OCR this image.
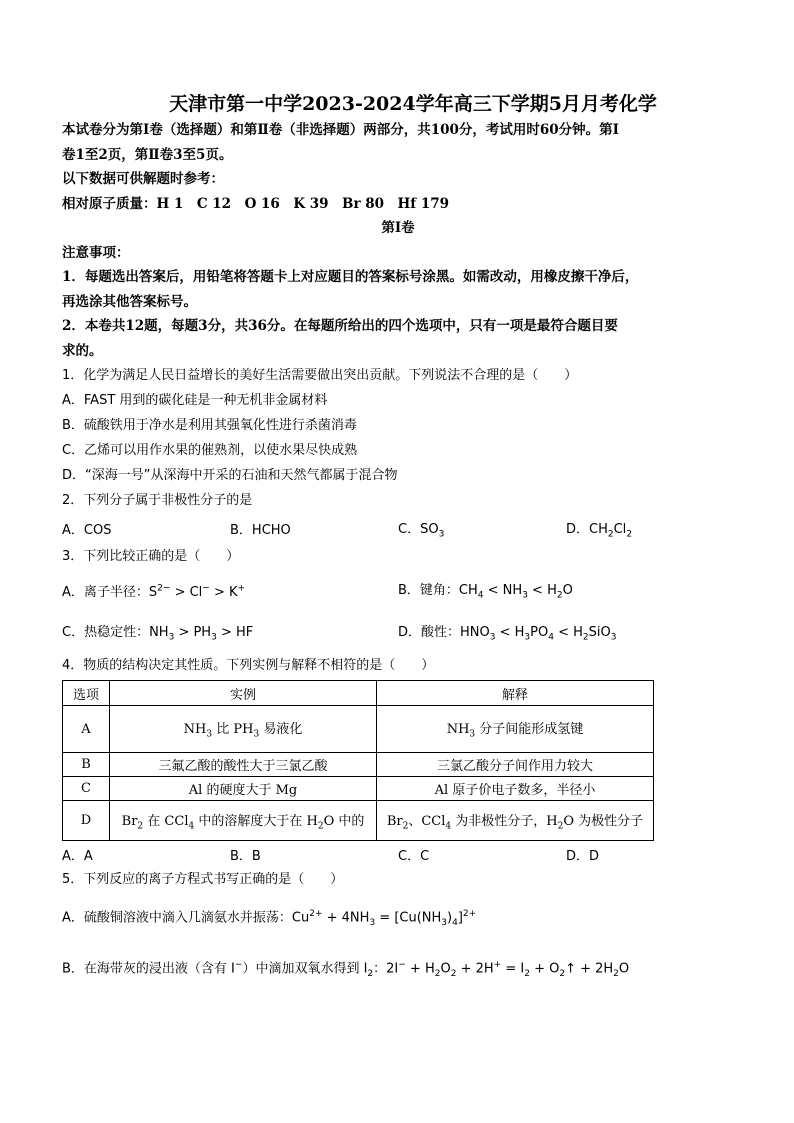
天津市第一中学2023-2024学年高三下学期5月月考化学
本试卷分为第Ⅰ卷（选择题）和第Ⅱ卷（非选择题）两部分，共100分，考试用时60分钟。第Ⅰ
卷1至2页，第Ⅱ卷3至5页。
以下数据可供解题时参考：
相对原子质量：H 1　C 12　O 16　K 39　Br 80　Hf 179
第Ⅰ卷
注意事项：
1．每题选出答案后，用铅笔将答题卡上对应题目的答案标号涂黑。如需改动，用橡皮擦干净后，
再选涂其他答案标号。
2．本卷共12题，每题3分，共36分。在每题所给出的四个选项中，只有一项是最符合题目要
求的。
1．化学为满足人民日益增长的美好生活需要做出突出贡献。下列说法不合理的是（　　）
A．FAST 用到的碳化硅是一种无机非金属材料
B．硫酸铁用于净水是利用其强氧化性进行杀菌消毒
C．乙烯可以用作水果的催熟剂，以使水果尽快成熟
D．“深海一号”从深海中开采的石油和天然气都属于混合物
2．下列分子属于非极性分子的是
A．COS	B．HCHO	C．$SO_3$	D．$CH_2Cl_2$
3．下列比较正确的是（　　）
A．离子半径：$S^{2-} > Cl^- > K^+$	B．键角：$CH_4 < NH_3 < H_2O$
C．热稳定性：$NH_3 > PH_3$ > HF	D．酸性：$HNO_3 < H_3PO_4 < H_2SiO_3$
4．物质的结构决定其性质。下列实例与解释不相符的是（　　）
选项	实例	解释
A	$NH_3$ 比 $PH_3$ 易液化	$NH_3$ 分子间能形成氢键
B	三氟乙酸的酸性大于三氯乙酸	三氯乙酸分子间作用力较大
C	Al 的硬度大于 Mg	Al 原子价电子数多，半径小
D	$Br_2$ 在 CCl$_4$ 中的溶解度大于在 $H_2O$ 中的	$Br_2$、CCl$_4$ 为非极性分子，$H_2O$ 为极性分子
A．A	B．B	C．C	D．D
5．下列反应的离子方程式书写正确的是（　　）
A．硫酸铜溶液中滴入几滴氨水并振荡：$Cu^{2+} + 4NH_3 = [Cu(NH_3)_4]^{2+}$
B．在海带灰的浸出液（含有 I−）中滴加双氧水得到 $I_2$：$2I^- + H_2O_2 + 2H^+ = I_2$ + $O_2↑ + 2H_2O$
